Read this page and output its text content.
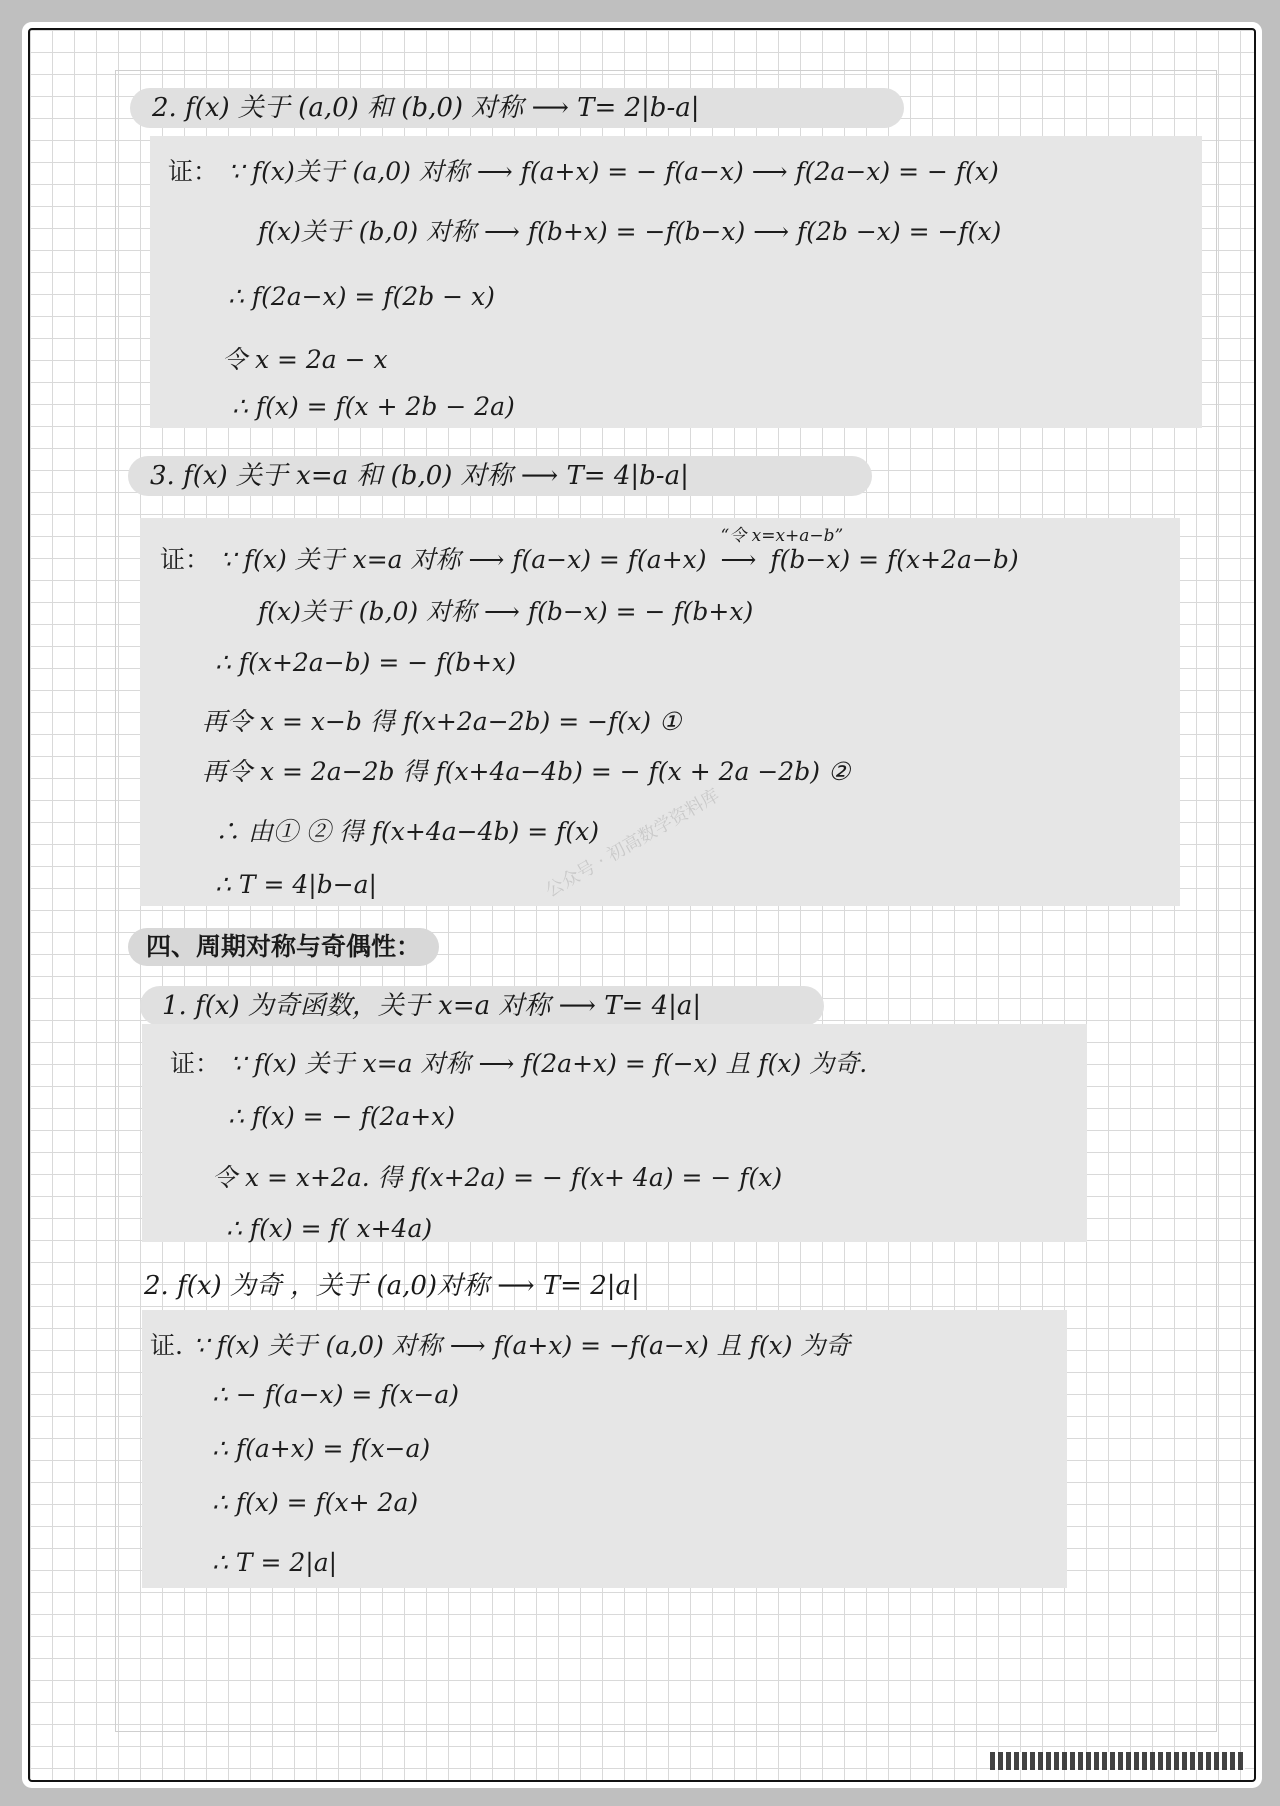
2. f(x) 关于 (a,0) 和 (b,0) 对称 ⟶ T= 2|b-a|
证： ∵ f(x)关于 (a,0) 对称 ⟶ f(a+x) = − f(a−x) ⟶ f(2a−x) = − f(x)
f(x)关于 (b,0) 对称 ⟶ f(b+x) = −f(b−x) ⟶ f(2b −x) = −f(x)
∴ f(2a−x) = f(2b − x)
令 x = 2a − x
∴ f(x) = f(x + 2b − 2a)
3. f(x) 关于 x=a 和 (b,0) 对称 ⟶ T= 4|b-a|
证： ∵ f(x) 关于 x=a 对称 ⟶ f(a−x) = f(a+x)
“令 x=x+a−b”
⟶ f(b−x) = f(x+2a−b)
f(x)关于 (b,0) 对称 ⟶ f(b−x) = − f(b+x)
∴ f(x+2a−b) = − f(b+x)
再令 x = x−b 得 f(x+2a−2b) = −f(x) ①
再令 x = 2a−2b 得 f(x+4a−4b) = − f(x + 2a −2b) ②
∴ 由① ② 得 f(x+4a−4b) = f(x)
∴ T = 4|b−a|	公众号 · 初高数学资料库
四、周期对称与奇偶性：
1. f(x) 为奇函数，关于 x=a 对称 ⟶ T= 4|a|
证： ∵ f(x) 关于 x=a 对称 ⟶ f(2a+x) = f(−x) 且 f(x) 为奇.
∴ f(x) = − f(2a+x)
令 x = x+2a. 得 f(x+2a) = − f(x+ 4a) = − f(x)
∴ f(x) = f( x+4a)
2. f(x) 为奇 ，关于 (a,0)对称 ⟶ T= 2|a|
证. ∵ f(x) 关于 (a,0) 对称 ⟶ f(a+x) = −f(a−x) 且 f(x) 为奇
∴ − f(a−x) = f(x−a)
∴ f(a+x) = f(x−a)
∴ f(x) = f(x+ 2a)
∴ T = 2|a|
